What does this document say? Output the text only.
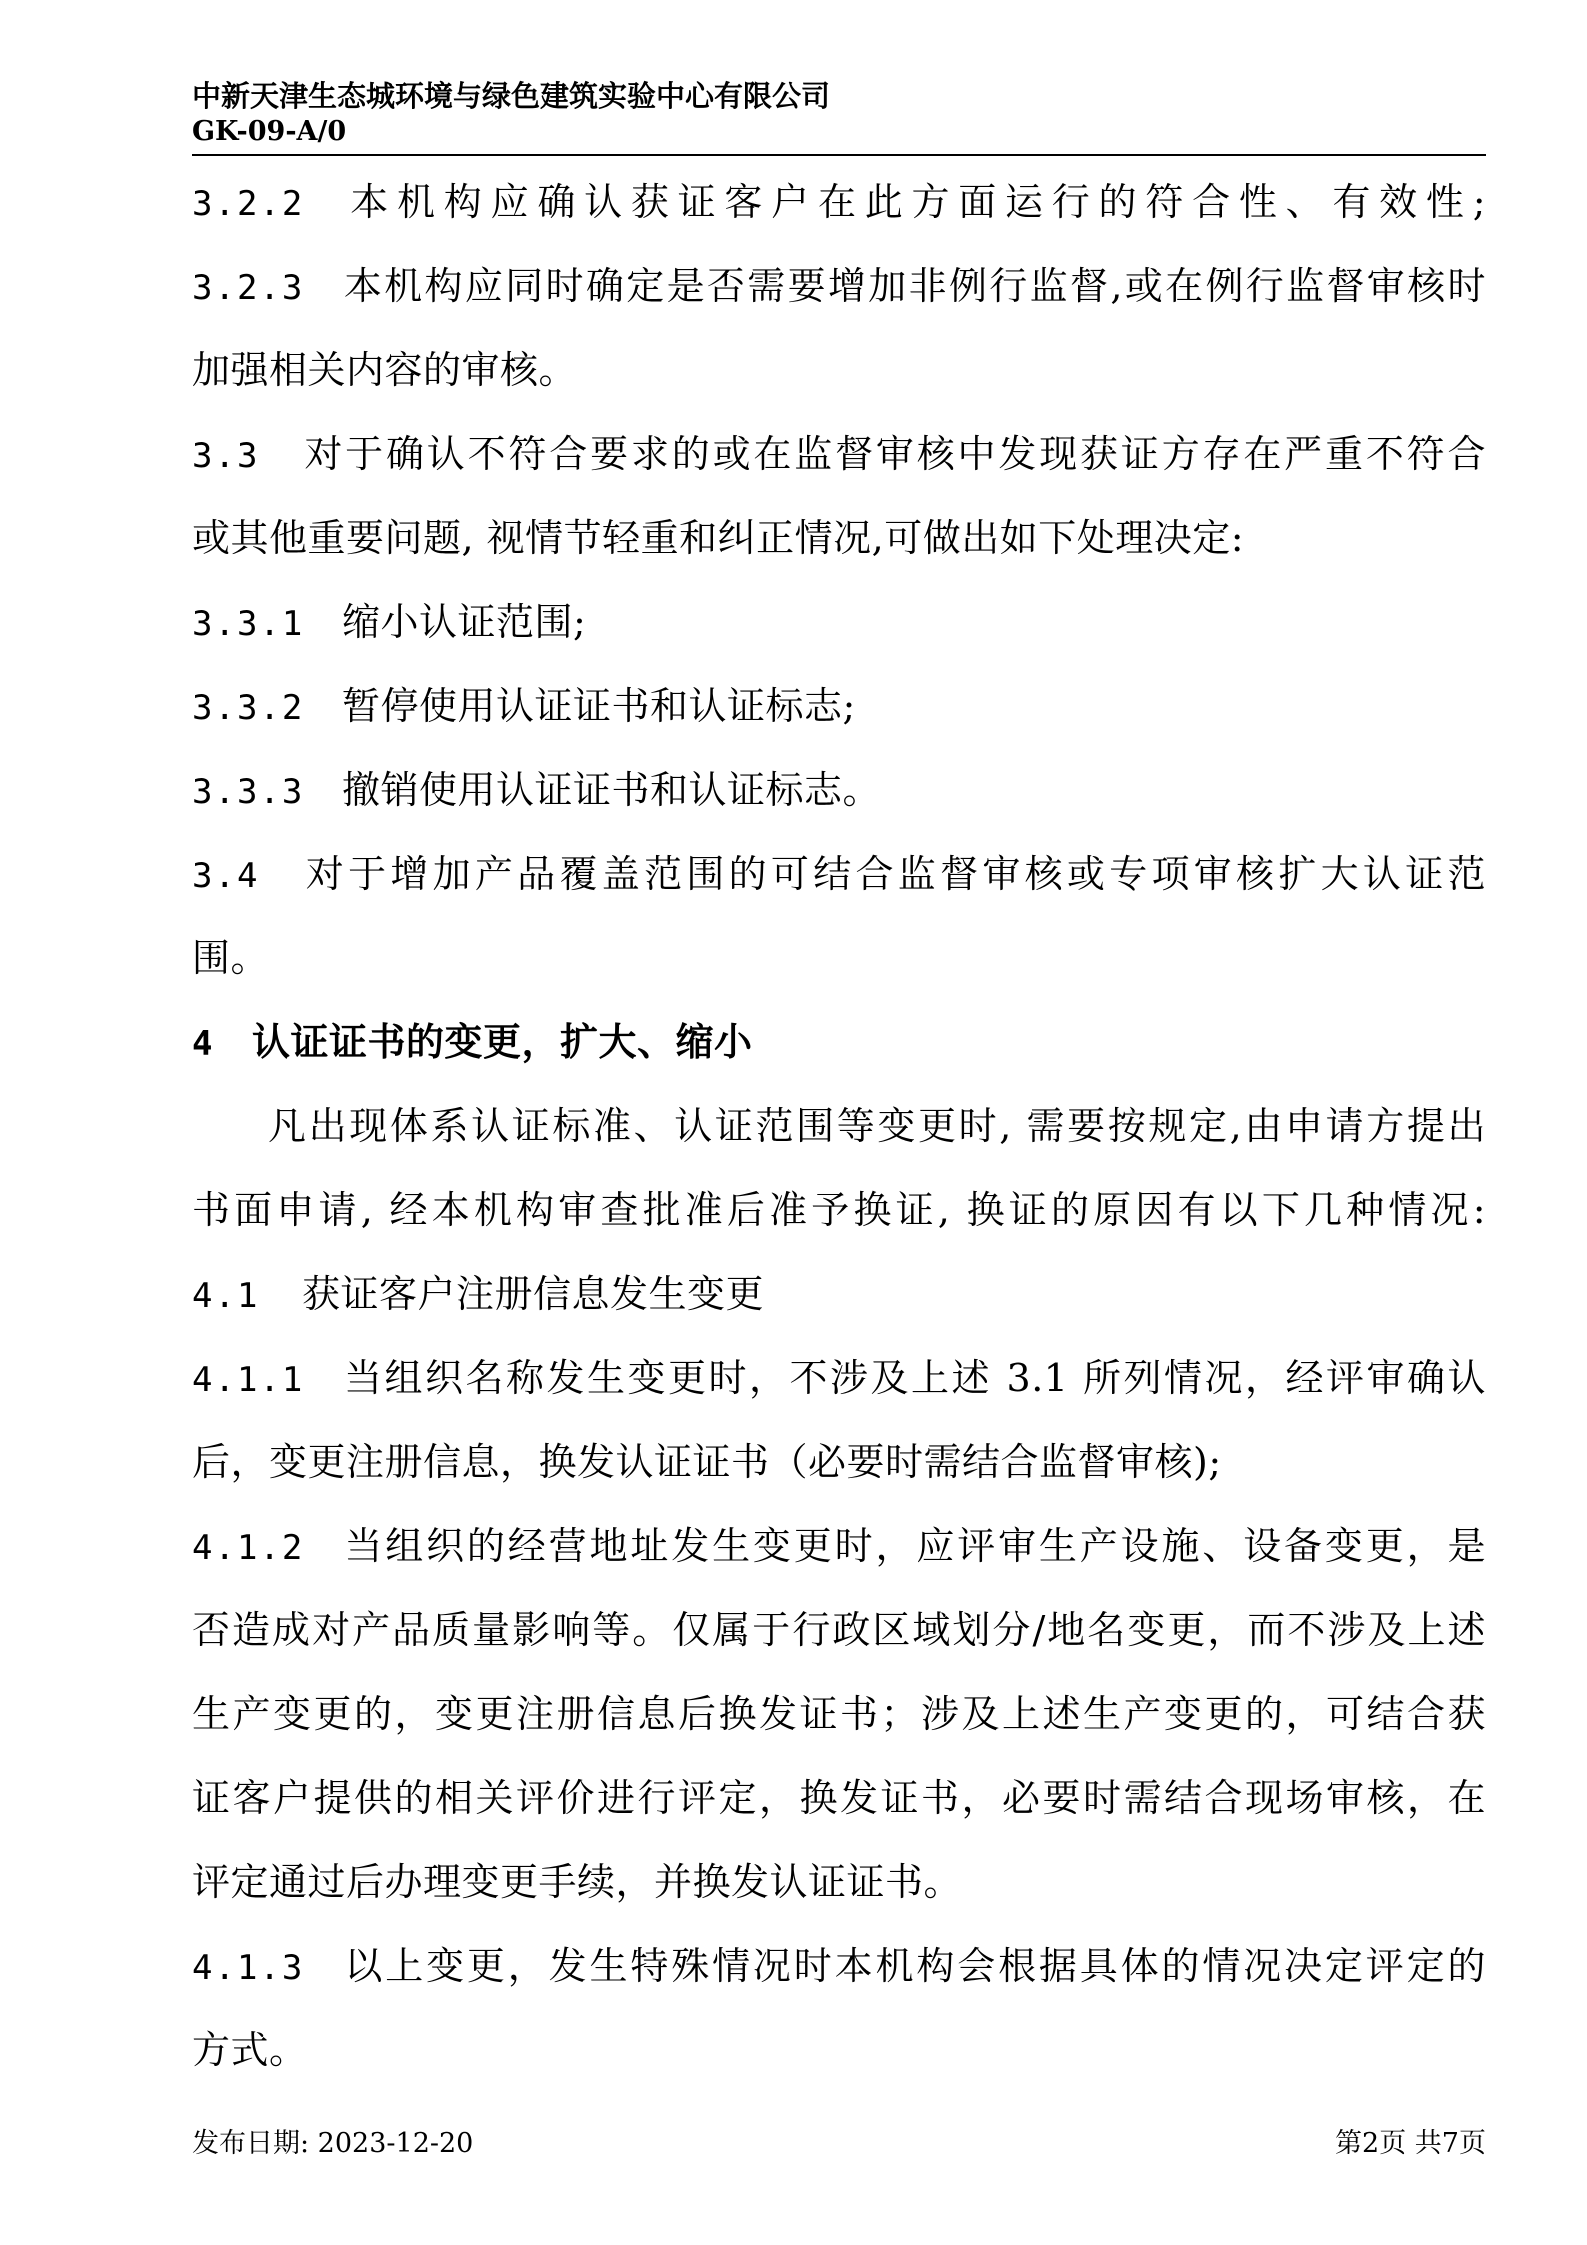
中新天津生态城环境与绿色建筑实验中心有限公司
GK-09-A/0
3.2.2 本机构应确认获证客户在此方面运行的符合性、有效性;
3.2.3 本机构应同时确定是否需要增加非例行监督,或在例行监督审核时
加强相关内容的审核。
3.3 对于确认不符合要求的或在监督审核中发现获证方存在严重不符合
或其他重要问题, 视情节轻重和纠正情况,可做出如下处理决定:
3.3.1 缩小认证范围;
3.3.2 暂停使用认证证书和认证标志;
3.3.3 撤销使用认证证书和认证标志。
3.4 对于增加产品覆盖范围的可结合监督审核或专项审核扩大认证范
围。
4 认证证书的变更，扩大、缩小
凡出现体系认证标准、认证范围等变更时, 需要按规定,由申请方提出
书面申请, 经本机构审查批准后准予换证, 换证的原因有以下几种情况:
4.1 获证客户注册信息发生变更
4.1.1 当组织名称发生变更时，不涉及上述 3.1 所列情况，经评审确认
后，变更注册信息，换发认证证书（必要时需结合监督审核);
4.1.2 当组织的经营地址发生变更时，应评审生产设施、设备变更，是
否造成对产品质量影响等。仅属于行政区域划分/地名变更，而不涉及上述
生产变更的，变更注册信息后换发证书；涉及上述生产变更的，可结合获
证客户提供的相关评价进行评定，换发证书，必要时需结合现场审核，在
评定通过后办理变更手续，并换发认证证书。
4.1.3 以上变更，发生特殊情况时本机构会根据具体的情况决定评定的
方式。
发布日期: 2023-12-20	第2页 共7页
